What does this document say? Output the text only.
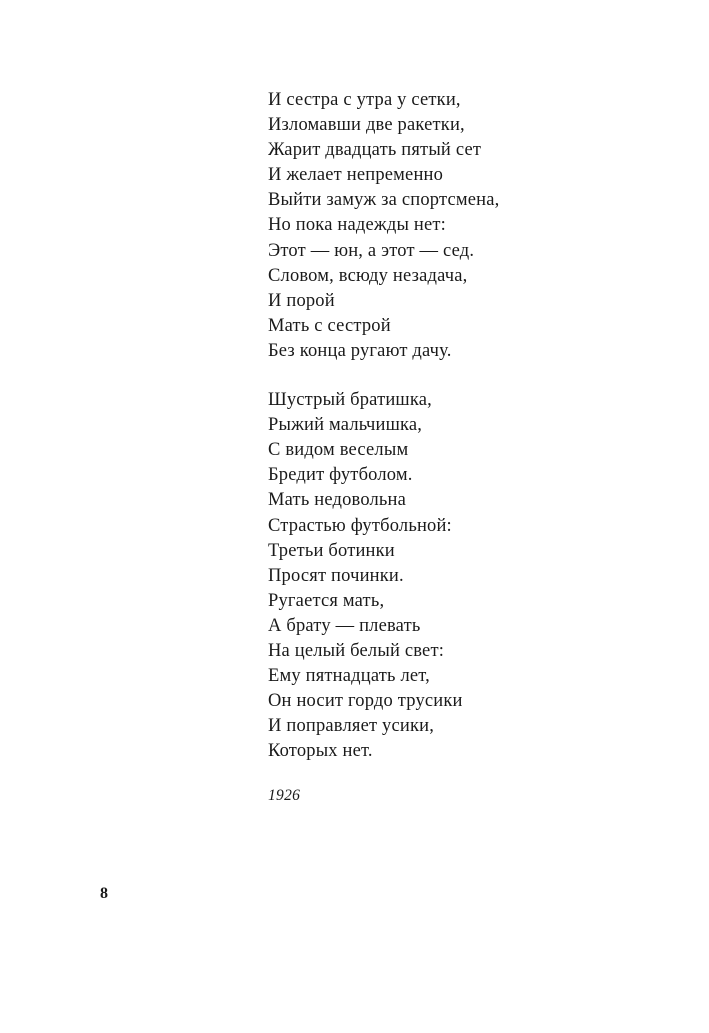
И сестра с утра у сетки,
Изломавши две ракетки,
Жарит двадцать пятый сет
И желает непременно
Выйти замуж за спортсмена,
Но пока надежды нет:
Этот — юн, а этот — сед.
Словом, всюду незадача,
И порой
Мать с сестрой
Без конца ругают дачу.
Шустрый братишка,
Рыжий мальчишка,
С видом веселым
Бредит футболом.
Мать недовольна
Страстью футбольной:
Третьи ботинки
Просят починки.
Ругается мать,
А брату — плевать
На целый белый свет:
Ему пятнадцать лет,
Он носит гордо трусики
И поправляет усики,
Которых нет.
1926
8
